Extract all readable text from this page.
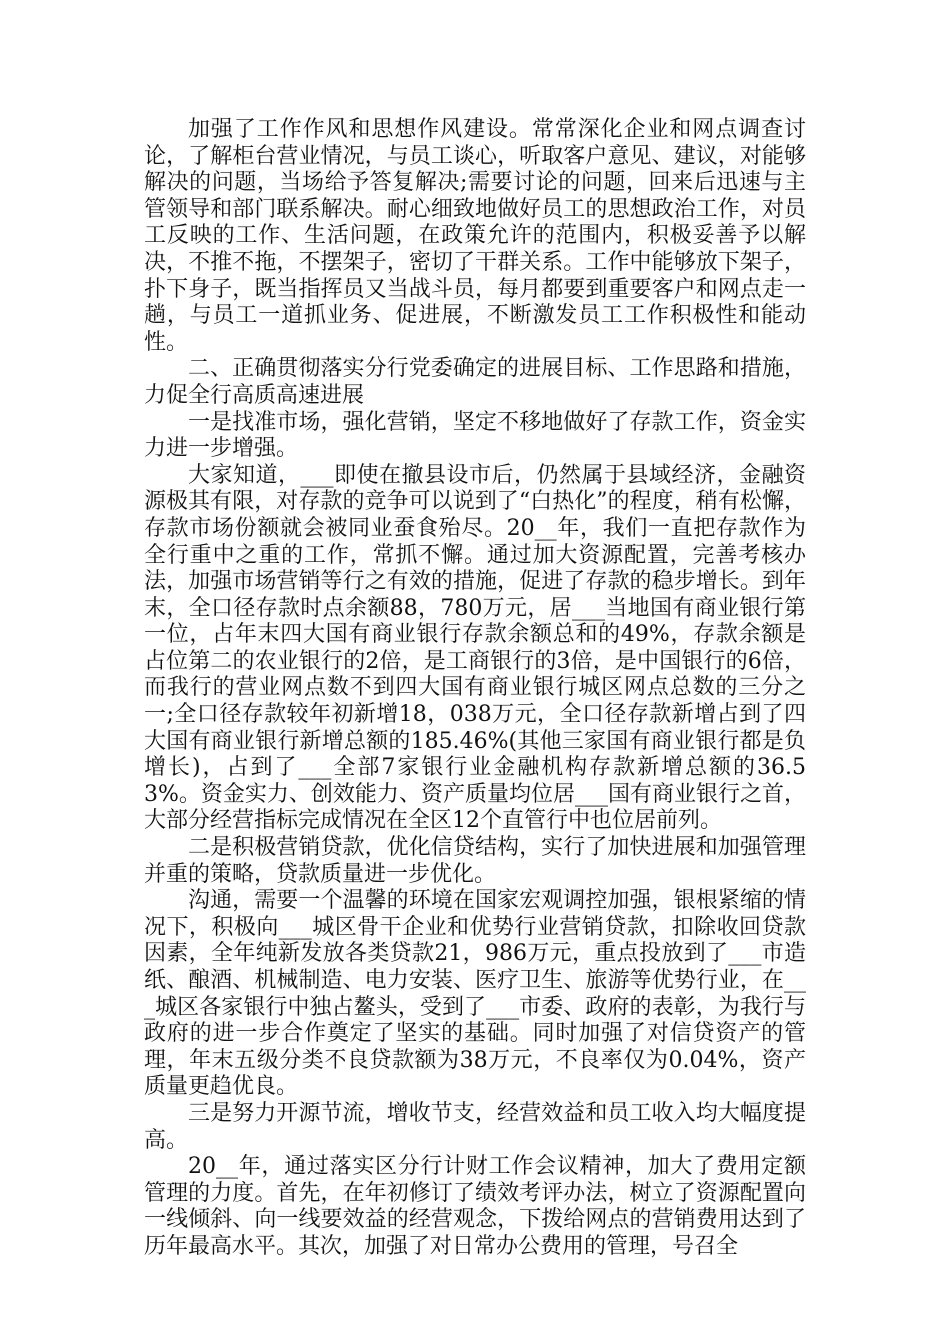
加强了工作作风和思想作风建设。常常深化企业和网点调查讨论，了解柜台营业情况，与员工谈心，听取客户意见、建议，对能够解决的问题，当场给予答复解决;需要讨论的问题，回来后迅速与主管领导和部门联系解决。耐心细致地做好员工的思想政治工作，对员工反映的工作、生活问题，在政策允许的范围内，积极妥善予以解决，不推不拖，不摆架子，密切了干群关系。工作中能够放下架子，扑下身子，既当指挥员又当战斗员，每月都要到重要客户和网点走一趟，与员工一道抓业务、促进展，不断激发员工工作积极性和能动性。

二、正确贯彻落实分行党委确定的进展目标、工作思路和措施，力促全行高质高速进展

一是找准市场，强化营销，坚定不移地做好了存款工作，资金实力进一步增强。

大家知道，___即使在撤县设市后，仍然属于县域经济，金融资源极其有限，对存款的竞争可以说到了“白热化”的程度，稍有松懈，存款市场份额就会被同业蚕食殆尽。20__年，我们一直把存款作为全行重中之重的工作，常抓不懈。通过加大资源配置，完善考核办法，加强市场营销等行之有效的措施，促进了存款的稳步增长。到年末，全口径存款时点余额88，780万元，居___当地国有商业银行第一位，占年末四大国有商业银行存款余额总和的49%，存款余额是占位第二的农业银行的2倍，是工商银行的3倍，是中国银行的6倍，而我行的营业网点数不到四大国有商业银行城区网点总数的三分之一;全口径存款较年初新增18，038万元，全口径存款新增占到了四大国有商业银行新增总额的185.46%(其他三家国有商业银行都是负增长)，占到了___全部7家银行业金融机构存款新增总额的36.53%。资金实力、创效能力、资产质量均位居___国有商业银行之首，大部分经营指标完成情况在全区12个直管行中也位居前列。

二是积极营销贷款，优化信贷结构，实行了加快进展和加强管理并重的策略，贷款质量进一步优化。

沟通，需要一个温馨的环境在国家宏观调控加强，银根紧缩的情况下，积极向___城区骨干企业和优势行业营销贷款，扣除收回贷款因素，全年纯新发放各类贷款21，986万元，重点投放到了___市造纸、酿酒、机械制造、电力安装、医疗卫生、旅游等优势行业，在___城区各家银行中独占鳌头，受到了___市委、政府的表彰，为我行与政府的进一步合作奠定了坚实的基础。同时加强了对信贷资产的管理，年末五级分类不良贷款额为38万元，不良率仅为0.04%，资产质量更趋优良。

三是努力开源节流，增收节支，经营效益和员工收入均大幅度提高。

20__年，通过落实区分行计财工作会议精神，加大了费用定额管理的力度。首先，在年初修订了绩效考评办法，树立了资源配置向一线倾斜、向一线要效益的经营观念，下拨给网点的营销费用达到了历年最高水平。其次，加强了对日常办公费用的管理，号召全
